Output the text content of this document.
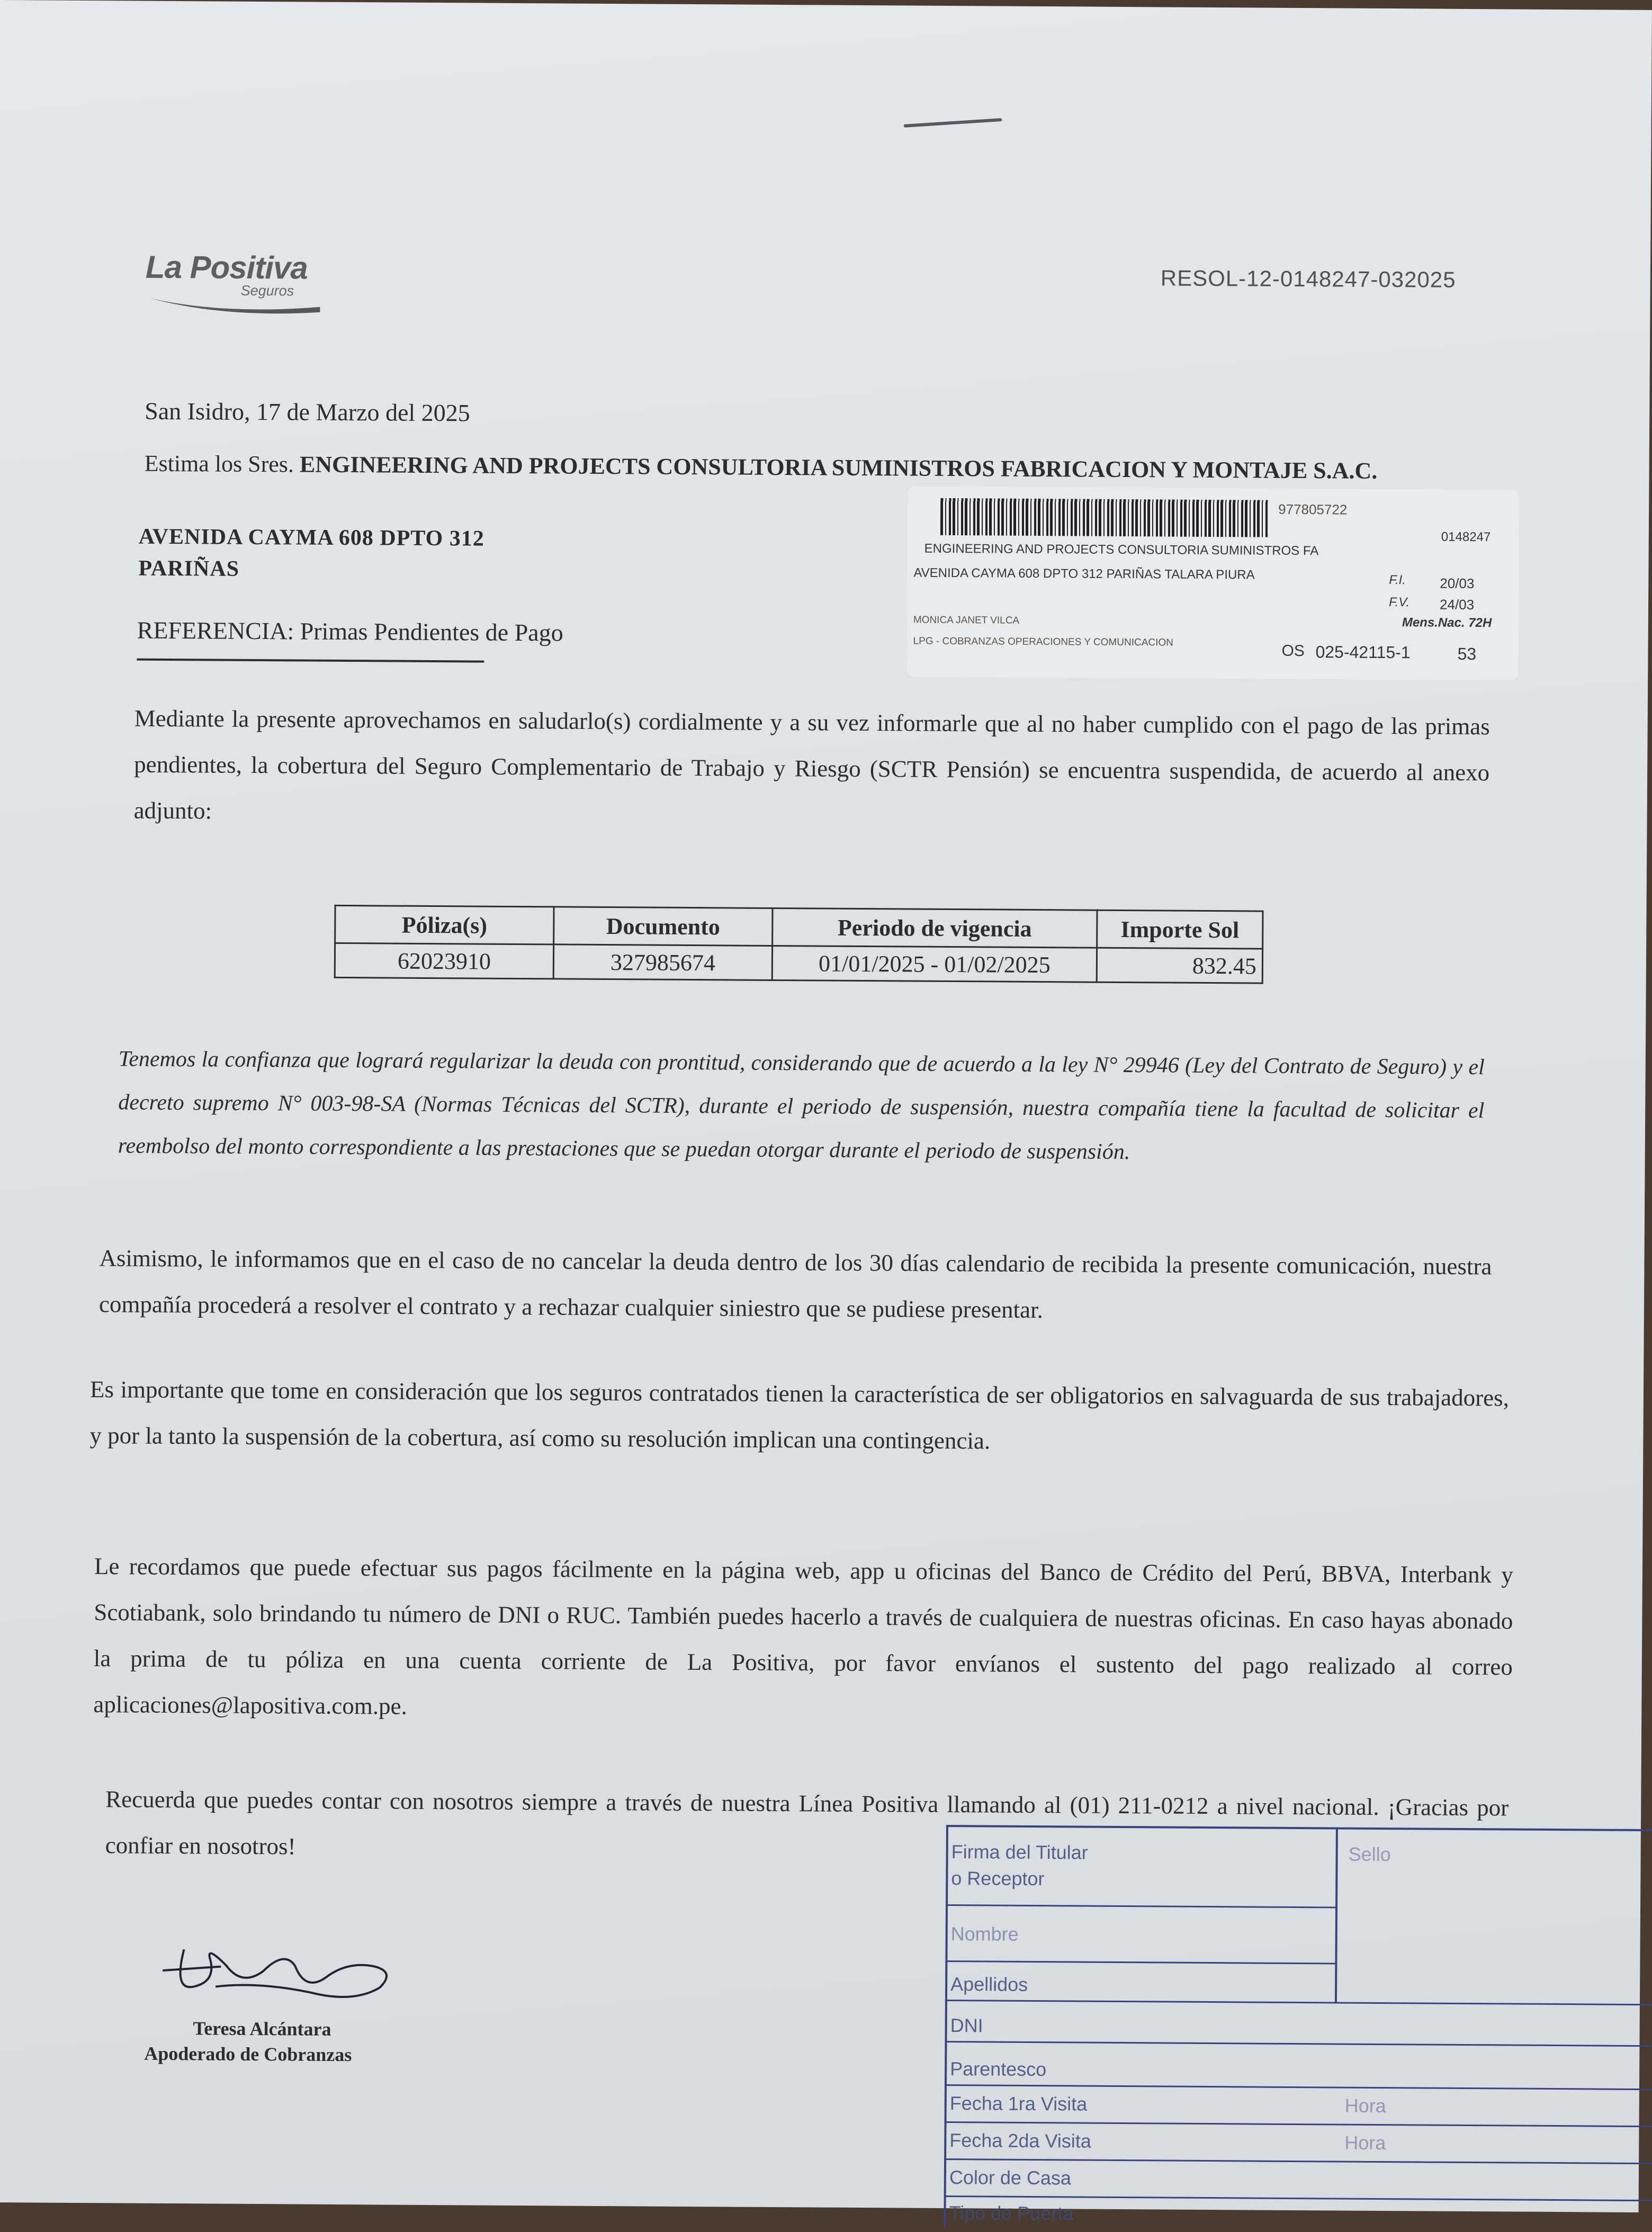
La Positiva
Seguros	RESOL-12-0148247-032025
San Isidro, 17 de Marzo del 2025
Estima los Sres. ENGINEERING AND PROJECTS CONSULTORIA SUMINISTROS FABRICACION Y MONTAJE S.A.C.
AVENIDA CAYMA 608 DPTO 312
PARIÑAS
REFERENCIA: Primas Pendientes de Pago
977805722
0148247
ENGINEERING AND PROJECTS CONSULTORIA SUMINISTROS FA
AVENIDA CAYMA 608 DPTO 312 PARIÑAS TALARA PIURA	F.I. 20/03
F.V. 24/03
Mens.Nac. 72H
MONICA JANET VILCA
LPG - COBRANZAS OPERACIONES Y COMUNICACION
OS 025-42115-1	53
Mediante la presente aprovechamos en saludarlo(s) cordialmente y a su vez informarle que al no haber cumplido con el pago de las primas pendientes, la cobertura del Seguro Complementario de Trabajo y Riesgo (SCTR Pensión) se encuentra suspendida, de acuerdo al anexo adjunto:
Póliza(s)	Documento	Periodo de vigencia	Importe Sol
62023910	327985674	01/01/2025 - 01/02/2025	832.45
Tenemos la confianza que logrará regularizar la deuda con prontitud, considerando que de acuerdo a la ley N° 29946 (Ley del Contrato de Seguro) y el decreto supremo N° 003-98-SA (Normas Técnicas del SCTR), durante el periodo de suspensión, nuestra compañía tiene la facultad de solicitar el reembolso del monto correspondiente a las prestaciones que se puedan otorgar durante el periodo de suspensión.
Asimismo, le informamos que en el caso de no cancelar la deuda dentro de los 30 días calendario de recibida la presente comunicación, nuestra compañía procederá a resolver el contrato y a rechazar cualquier siniestro que se pudiese presentar.
Es importante que tome en consideración que los seguros contratados tienen la característica de ser obligatorios en salvaguarda de sus trabajadores, y por la tanto la suspensión de la cobertura, así como su resolución implican una contingencia.
Le recordamos que puede efectuar sus pagos fácilmente en la página web, app u oficinas del Banco de Crédito del Perú, BBVA, Interbank y Scotiabank, solo brindando tu número de DNI o RUC. También puedes hacerlo a través de cualquiera de nuestras oficinas. En caso hayas abonado la prima de tu póliza en una cuenta corriente de La Positiva, por favor envíanos el sustento del pago realizado al correo aplicaciones@lapositiva.com.pe.
Recuerda que puedes contar con nosotros siempre a través de nuestra Línea Positiva llamando al (01) 211-0212 a nivel nacional. ¡Gracias por confiar en nosotros!
Teresa Alcántara
Apoderado de Cobranzas
Firma del Titular
o Receptor
Sello
Nombre
Apellidos
DNI
Parentesco
Fecha 1ra Visita	Hora
Fecha 2da Visita	Hora
Color de Casa
Tipo de Puerta
